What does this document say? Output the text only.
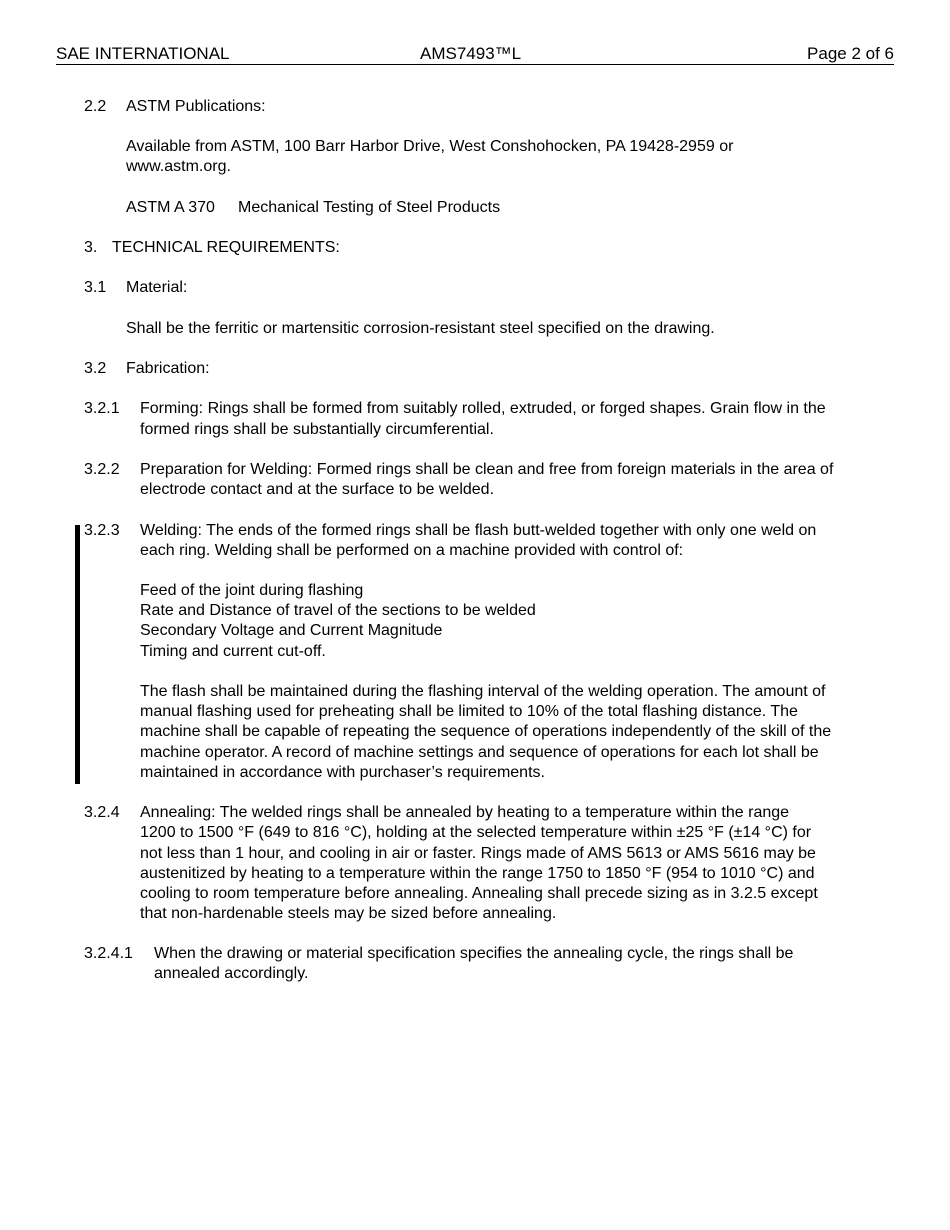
SAE INTERNATIONAL	AMS7493™L	Page 2 of 6
2.2 ASTM Publications:
Available from ASTM, 100 Barr Harbor Drive, West Conshohocken, PA 19428-2959 or
www.astm.org.
ASTM A 370 Mechanical Testing of Steel Products
3. TECHNICAL REQUIREMENTS:
3.1 Material:
Shall be the ferritic or martensitic corrosion-resistant steel specified on the drawing.
3.2 Fabrication:
3.2.1 Forming: Rings shall be formed from suitably rolled, extruded, or forged shapes. Grain flow in the
formed rings shall be substantially circumferential.
3.2.2 Preparation for Welding: Formed rings shall be clean and free from foreign materials in the area of
electrode contact and at the surface to be welded.
3.2.3 Welding: The ends of the formed rings shall be flash butt-welded together with only one weld on
each ring. Welding shall be performed on a machine provided with control of:
Feed of the joint during flashing
Rate and Distance of travel of the sections to be welded
Secondary Voltage and Current Magnitude
Timing and current cut-off.
The flash shall be maintained during the flashing interval of the welding operation. The amount of
manual flashing used for preheating shall be limited to 10% of the total flashing distance. The
machine shall be capable of repeating the sequence of operations independently of the skill of the
machine operator. A record of machine settings and sequence of operations for each lot shall be
maintained in accordance with purchaser’s requirements.
3.2.4 Annealing: The welded rings shall be annealed by heating to a temperature within the range
1200 to 1500 °F (649 to 816 °C), holding at the selected temperature within ±25 °F (±14 °C) for
not less than 1 hour, and cooling in air or faster. Rings made of AMS 5613 or AMS 5616 may be
austenitized by heating to a temperature within the range 1750 to 1850 °F (954 to 1010 °C) and
cooling to room temperature before annealing. Annealing shall precede sizing as in 3.2.5 except
that non-hardenable steels may be sized before annealing.
3.2.4.1 When the drawing or material specification specifies the annealing cycle, the rings shall be
annealed accordingly.
